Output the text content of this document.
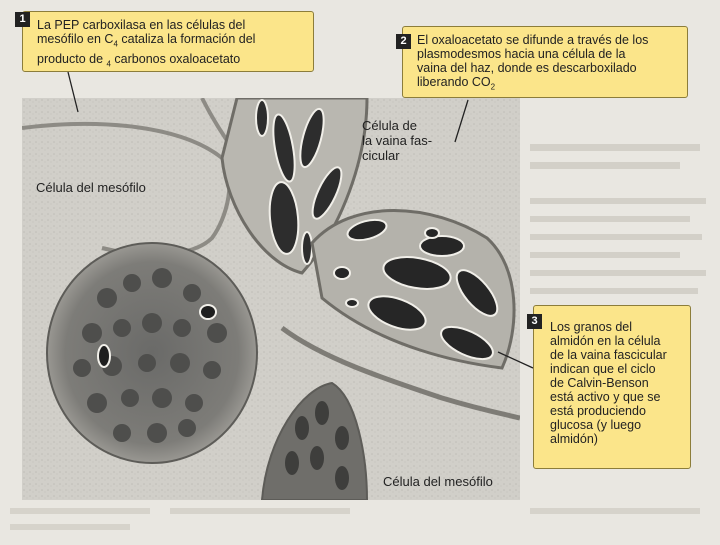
La PEP carboxilasa en las células del
mesófilo en $C_4$ cataliza la formación del
producto de $_4$ carbonos oxaloacetato
1
El oxaloacetato se difunde a través de los
plasmodesmos hacia una célula de la
vaina del haz, donde es descarboxilado
liberando $CO_2$
2
Los granos del
almidón en la célula
de la vaina fascicular
indican que el ciclo
de Calvin-Benson
está activo y que se
está produciendo
glucosa (y luego
almidón)
3
Célula del mesófilo
Célula de
la vaina fas-
cicular
Célula del mesófilo
